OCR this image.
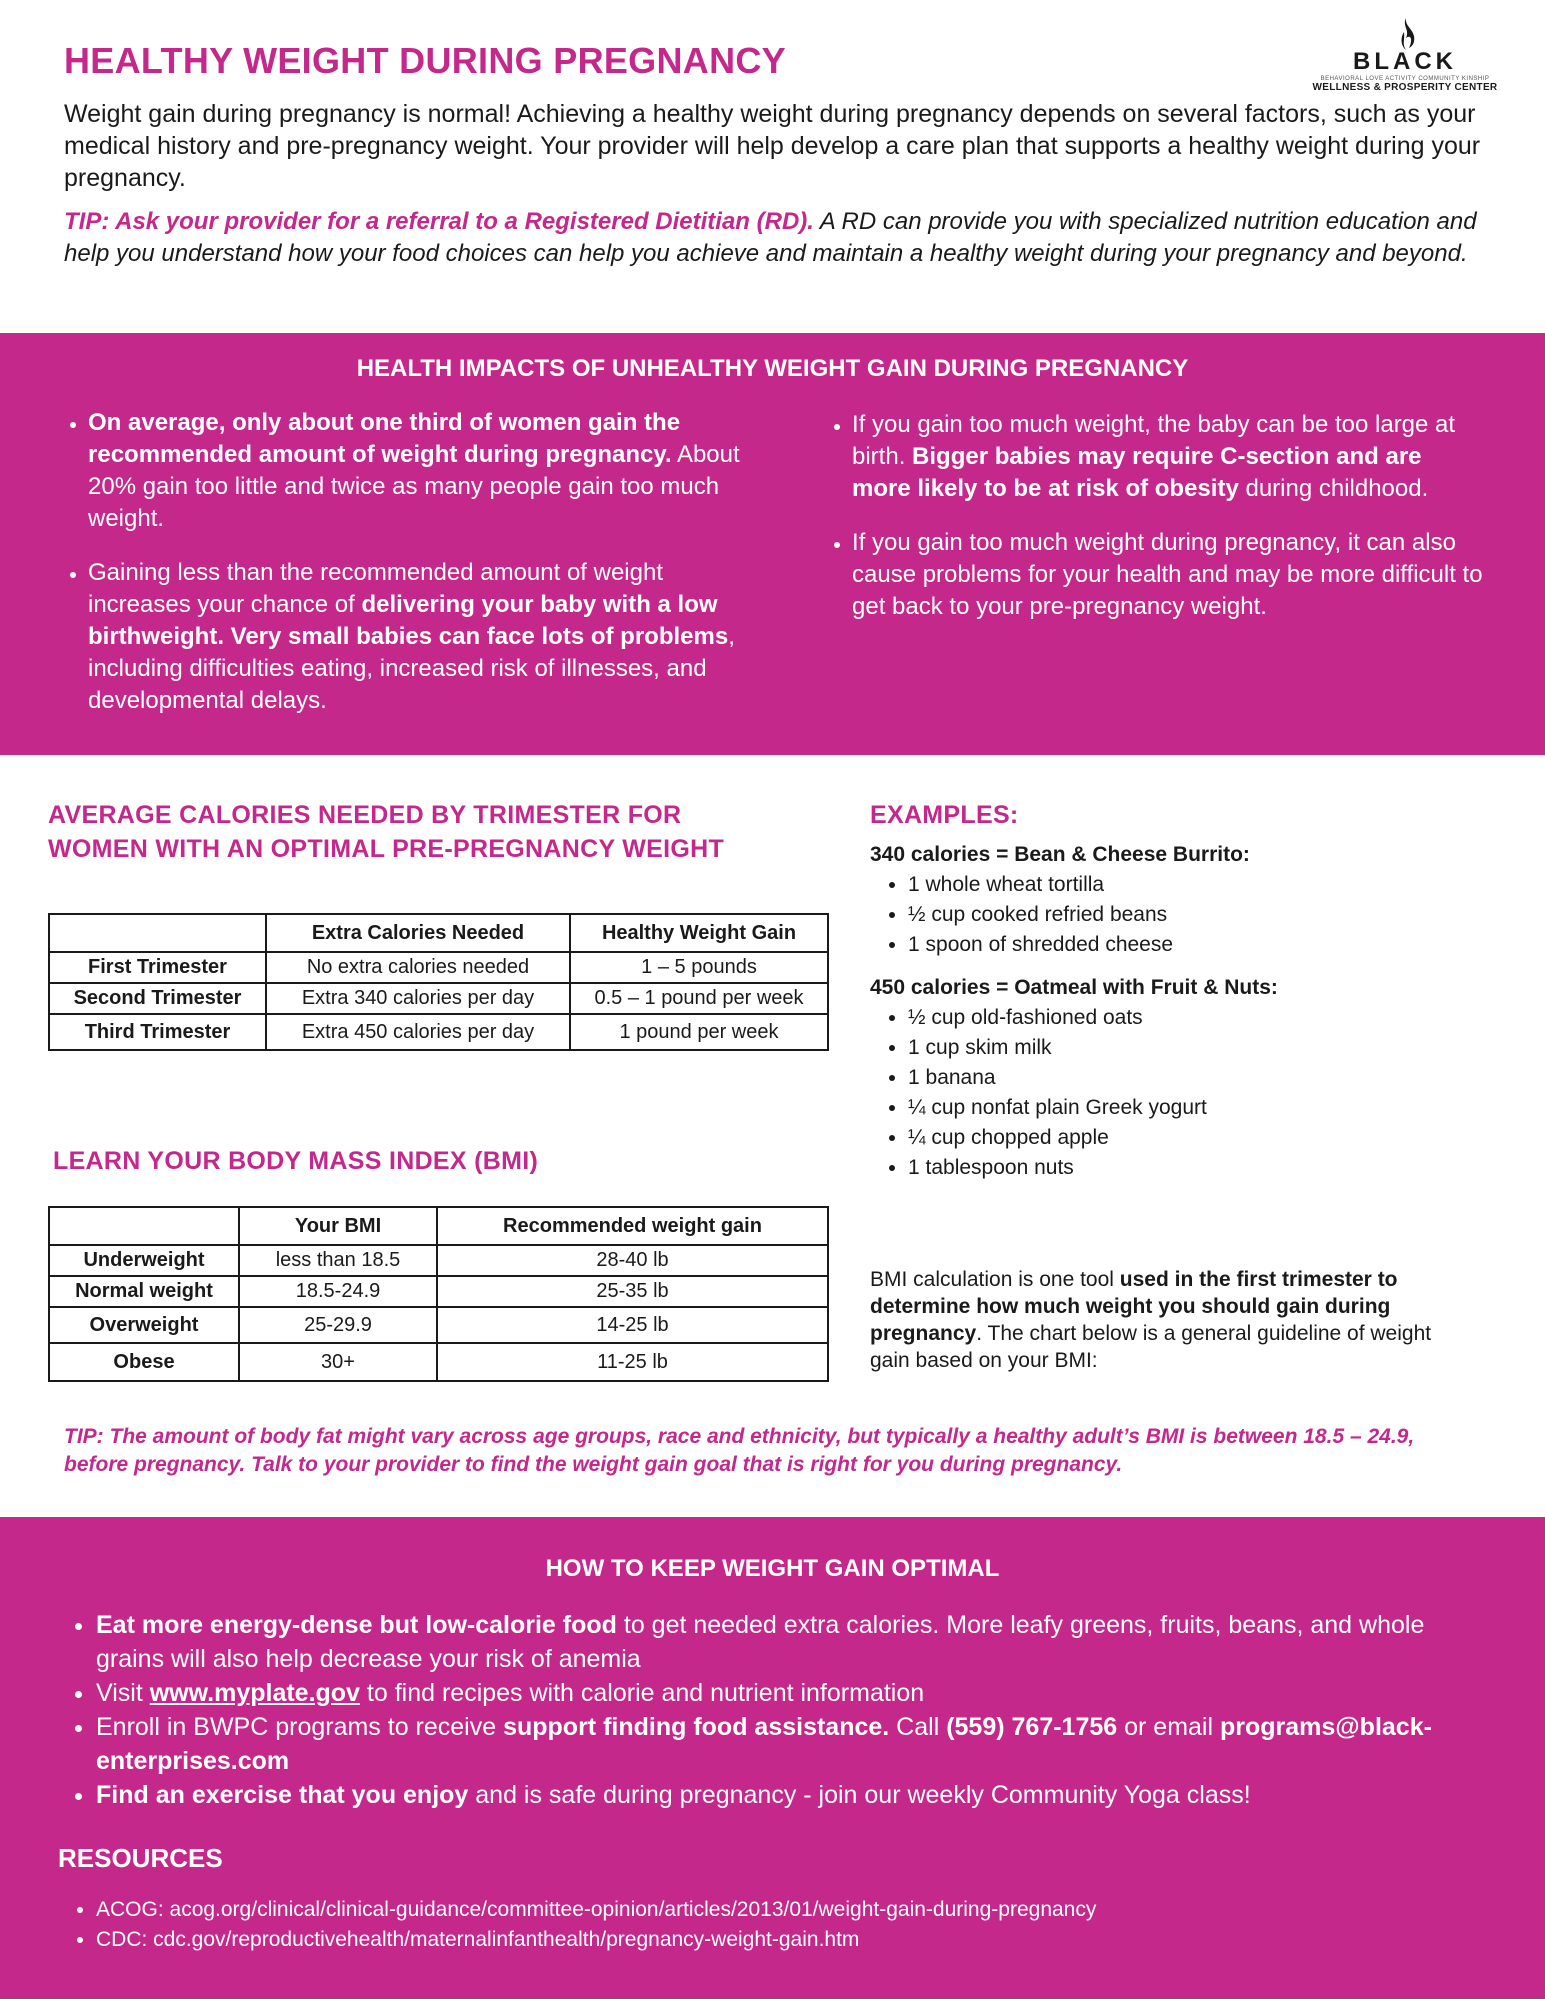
HEALTHY WEIGHT DURING PREGNANCY	BLACK
BEHAVIORAL LOVE ACTIVITY COMMUNITY KINSHIP
WELLNESS & PROSPERITY CENTER
Weight gain during pregnancy is normal! Achieving a healthy weight during pregnancy depends on several factors, such as your medical history and pre-pregnancy weight. Your provider will help develop a care plan that supports a healthy weight during your pregnancy.
TIP: Ask your provider for a referral to a Registered Dietitian (RD). A RD can provide you with specialized nutrition education and help you understand how your food choices can help you achieve and maintain a healthy weight during your pregnancy and beyond.
HEALTH IMPACTS OF UNHEALTHY WEIGHT GAIN DURING PREGNANCY
• On average, only about one third of women gain the recommended amount of weight during pregnancy. About 20% gain too little and twice as many people gain too much weight.
• Gaining less than the recommended amount of weight increases your chance of delivering your baby with a low birthweight. Very small babies can face lots of problems, including difficulties eating, increased risk of illnesses, and developmental delays.
• If you gain too much weight, the baby can be too large at birth. Bigger babies may require C-section and are more likely to be at risk of obesity during childhood.
• If you gain too much weight during pregnancy, it can also cause problems for your health and may be more difficult to get back to your pre-pregnancy weight.
AVERAGE CALORIES NEEDED BY TRIMESTER FOR WOMEN WITH AN OPTIMAL PRE-PREGNANCY WEIGHT
	Extra Calories Needed	Healthy Weight Gain
First Trimester	No extra calories needed	1 – 5 pounds
Second Trimester	Extra 340 calories per day	0.5 – 1 pound per week
Third Trimester	Extra 450 calories per day	1 pound per week
EXAMPLES:
340 calories = Bean & Cheese Burrito:
• 1 whole wheat tortilla
• ½ cup cooked refried beans
• 1 spoon of shredded cheese
450 calories = Oatmeal with Fruit & Nuts:
• ½ cup old-fashioned oats
• 1 cup skim milk
• 1 banana
• ¼ cup nonfat plain Greek yogurt
• ¼ cup chopped apple
• 1 tablespoon nuts
LEARN YOUR BODY MASS INDEX (BMI)
	Your BMI	Recommended weight gain
Underweight	less than 18.5	28-40 lb
Normal weight	18.5-24.9	25-35 lb
Overweight	25-29.9	14-25 lb
Obese	30+	11-25 lb
BMI calculation is one tool used in the first trimester to determine how much weight you should gain during pregnancy. The chart below is a general guideline of weight gain based on your BMI:
TIP: The amount of body fat might vary across age groups, race and ethnicity, but typically a healthy adult’s BMI is between 18.5 – 24.9, before pregnancy. Talk to your provider to find the weight gain goal that is right for you during pregnancy.
HOW TO KEEP WEIGHT GAIN OPTIMAL
• Eat more energy-dense but low-calorie food to get needed extra calories. More leafy greens, fruits, beans, and whole grains will also help decrease your risk of anemia
• Visit www.myplate.gov to find recipes with calorie and nutrient information
• Enroll in BWPC programs to receive support finding food assistance. Call (559) 767-1756 or email programs@black-enterprises.com
• Find an exercise that you enjoy and is safe during pregnancy - join our weekly Community Yoga class!
RESOURCES
• ACOG: acog.org/clinical/clinical-guidance/committee-opinion/articles/2013/01/weight-gain-during-pregnancy
• CDC: cdc.gov/reproductivehealth/maternalinfanthealth/pregnancy-weight-gain.htm
